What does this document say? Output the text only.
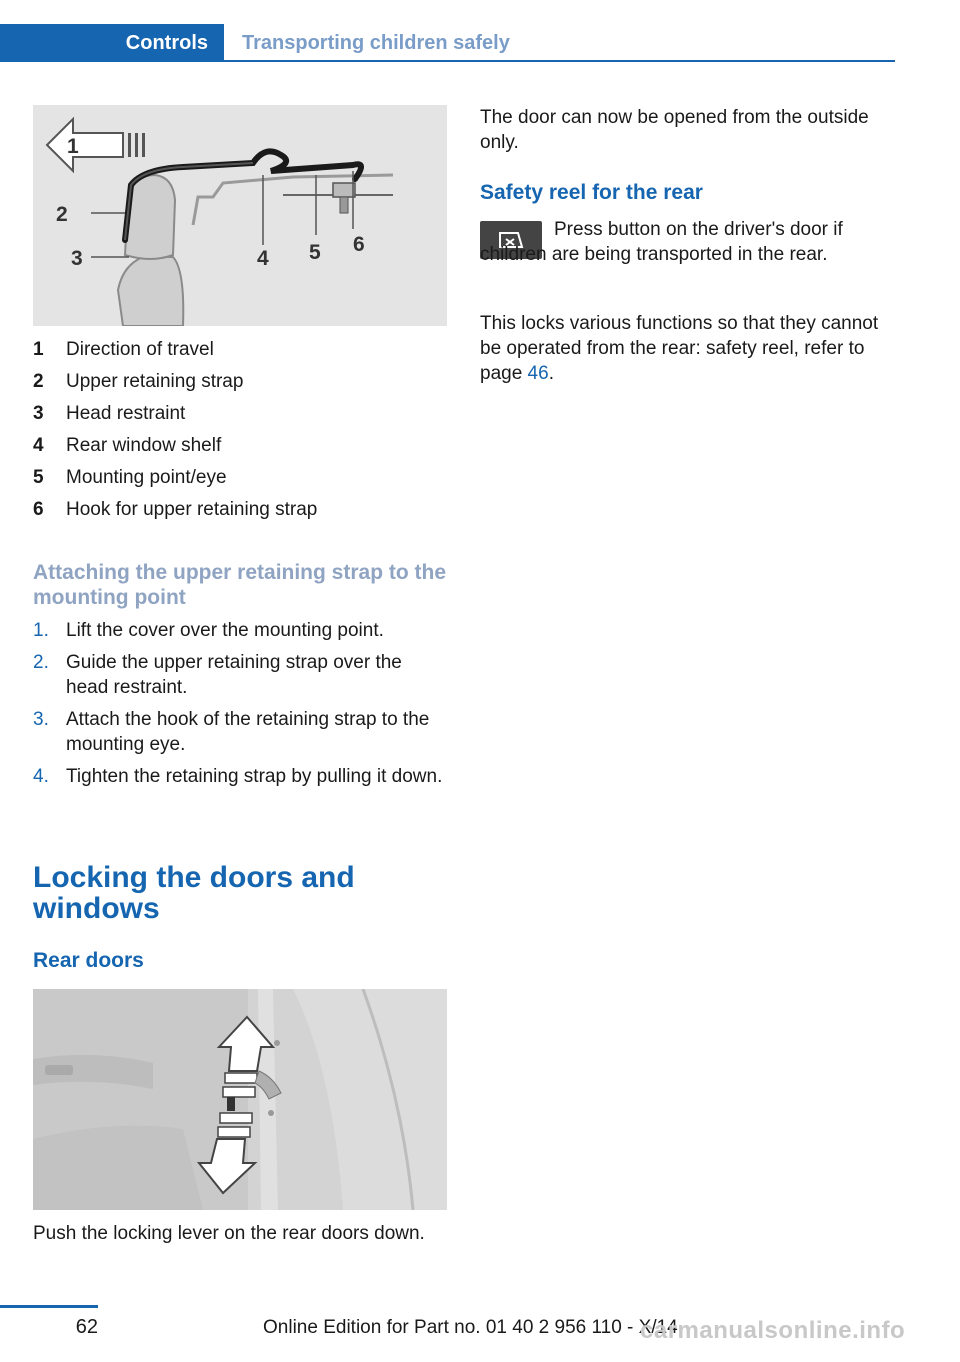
Controls Transporting children safely
1
2
3	4 5 6
1 Direction of travel
2 Upper retaining strap
3 Head restraint
4 Rear window shelf
5 Mounting point/eye
6 Hook for upper retaining strap
Attaching the upper retaining strap to the mounting point
1. Lift the cover over the mounting point.
2. Guide the upper retaining strap over the head restraint.
3. Attach the hook of the retaining strap to the mounting eye.
4. Tighten the retaining strap by pulling it down.
Locking the doors and windows
Rear doors

Push the locking lever on the rear doors down.

The door can now be opened from the outside only.

Safety reel for the rear

Press button on the driver's door if children are being transported in the rear.

This locks various functions so that they cannot be operated from the rear: safety reel, refer to page 46.

62	Online Edition for Part no. 01 40 2 956 110 - X/14
carmanualsonline.info
